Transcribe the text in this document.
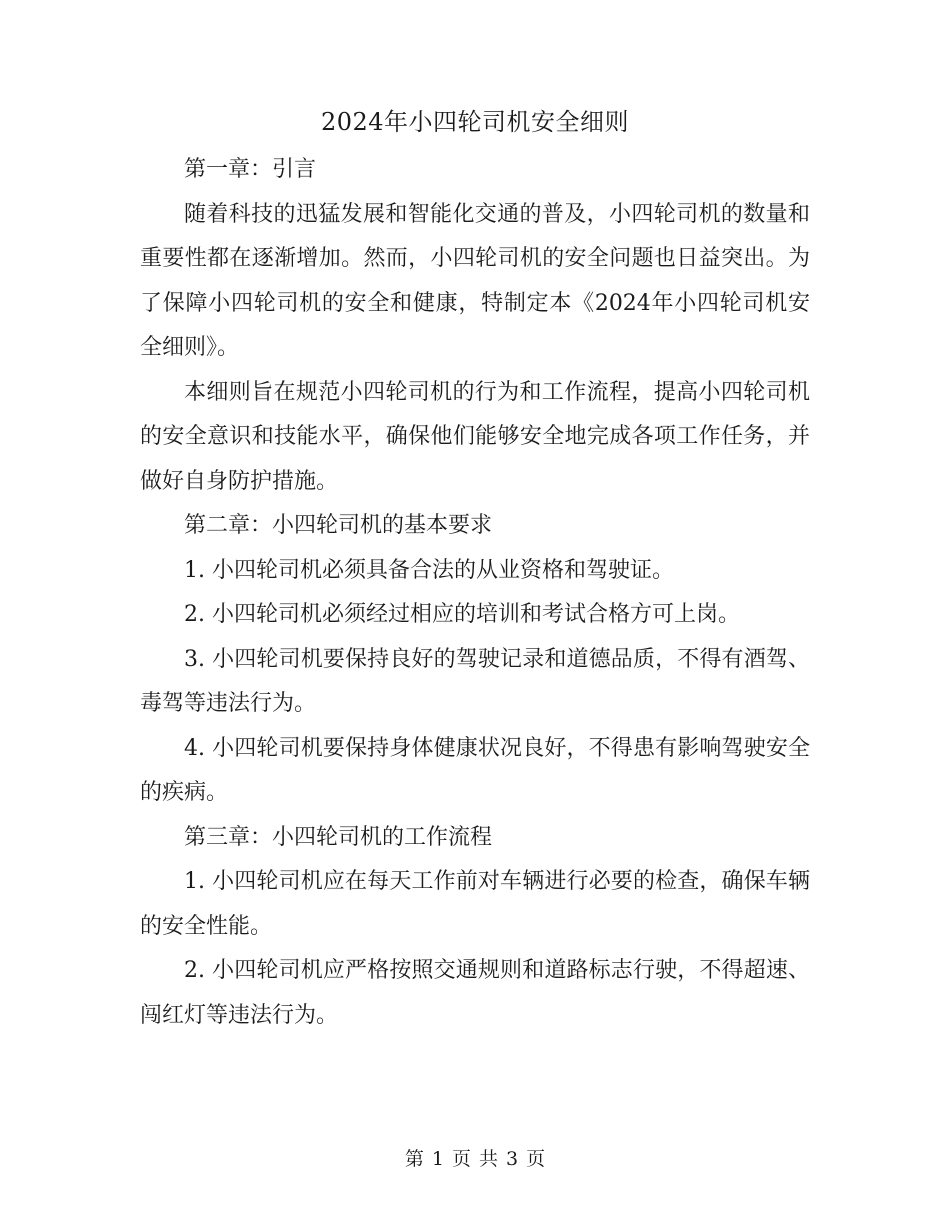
2024年小四轮司机安全细则

第一章：引言

随着科技的迅猛发展和智能化交通的普及，小四轮司机的数量和重要性都在逐渐增加。然而，小四轮司机的安全问题也日益突出。为了保障小四轮司机的安全和健康，特制定本《2024年小四轮司机安全细则》。

本细则旨在规范小四轮司机的行为和工作流程，提高小四轮司机的安全意识和技能水平，确保他们能够安全地完成各项工作任务，并做好自身防护措施。

第二章：小四轮司机的基本要求

1. 小四轮司机必须具备合法的从业资格和驾驶证。

2. 小四轮司机必须经过相应的培训和考试合格方可上岗。

3. 小四轮司机要保持良好的驾驶记录和道德品质，不得有酒驾、毒驾等违法行为。

4. 小四轮司机要保持身体健康状况良好，不得患有影响驾驶安全的疾病。

第三章：小四轮司机的工作流程

1. 小四轮司机应在每天工作前对车辆进行必要的检查，确保车辆的安全性能。

2. 小四轮司机应严格按照交通规则和道路标志行驶，不得超速、闯红灯等违法行为。

第 1 页 共 3 页
